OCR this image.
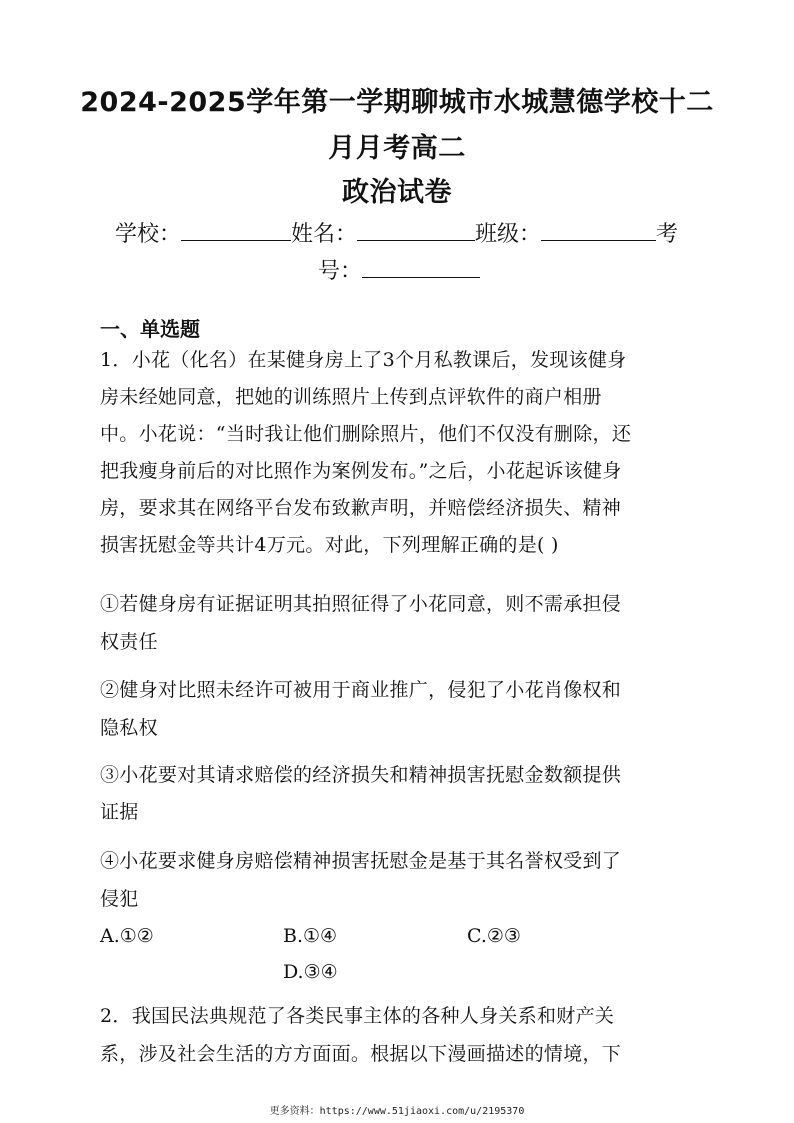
2024-2025学年第一学期聊城市水城慧德学校十二
月月考高二
政治试卷
学校：	姓名：	班级：	考
号：
一、单选题
1．小花（化名）在某健身房上了3个月私教课后，发现该健身
房未经她同意，把她的训练照片上传到点评软件的商户相册
中。小花说：“当时我让他们删除照片，他们不仅没有删除，还
把我瘦身前后的对比照作为案例发布。”之后，小花起诉该健身
房，要求其在网络平台发布致歉声明，并赔偿经济损失、精神
损害抚慰金等共计4万元。对此，下列理解正确的是( )
①若健身房有证据证明其拍照征得了小花同意，则不需承担侵
权责任
②健身对比照未经许可被用于商业推广，侵犯了小花肖像权和
隐私权
③小花要对其请求赔偿的经济损失和精神损害抚慰金数额提供
证据
④小花要求健身房赔偿精神损害抚慰金是基于其名誉权受到了
侵犯
A.①②	B.①④	C.②③
D.③④
2．我国民法典规范了各类民事主体的各种人身关系和财产关
系，涉及社会生活的方方面面。根据以下漫画描述的情境，下
更多资料：https://www.51jiaoxi.com/u/2195370
